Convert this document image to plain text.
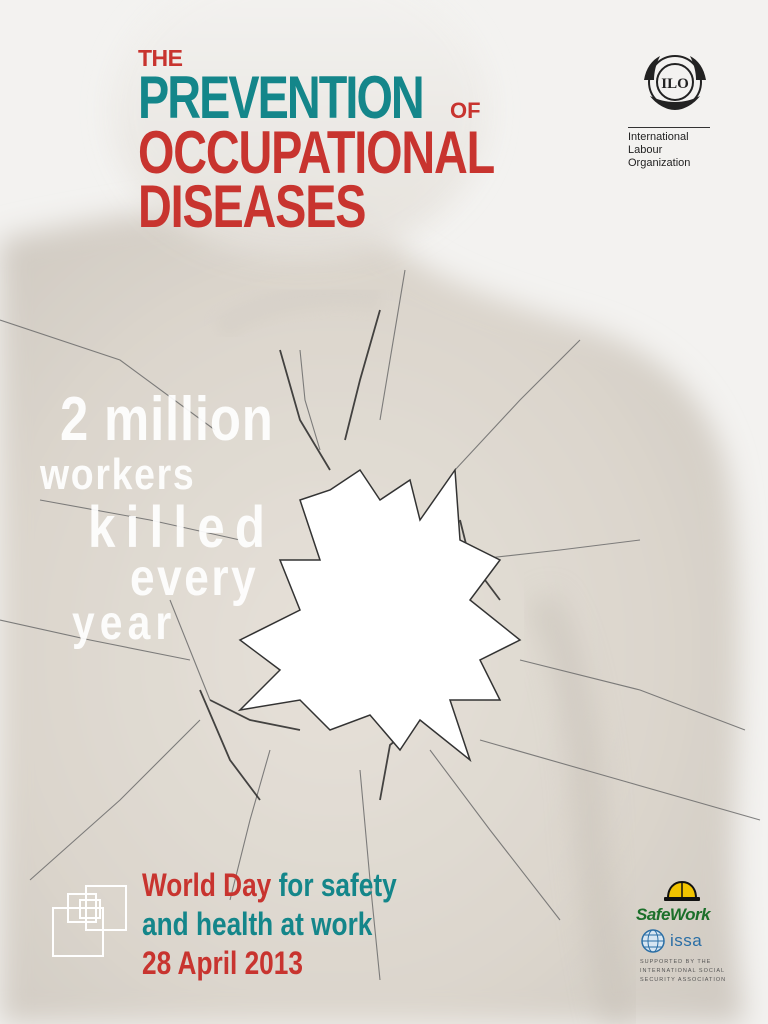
THE
PREVENTION OF
OCCUPATIONAL
DISEASES
ILO
International
Labour
Organization
2 million
workers
killed
every
year
World Day for safety
and health at work
28 April 2013
SafeWork
issa
SUPPORTED BY THE INTERNATIONAL SOCIAL SECURITY ASSOCIATION
